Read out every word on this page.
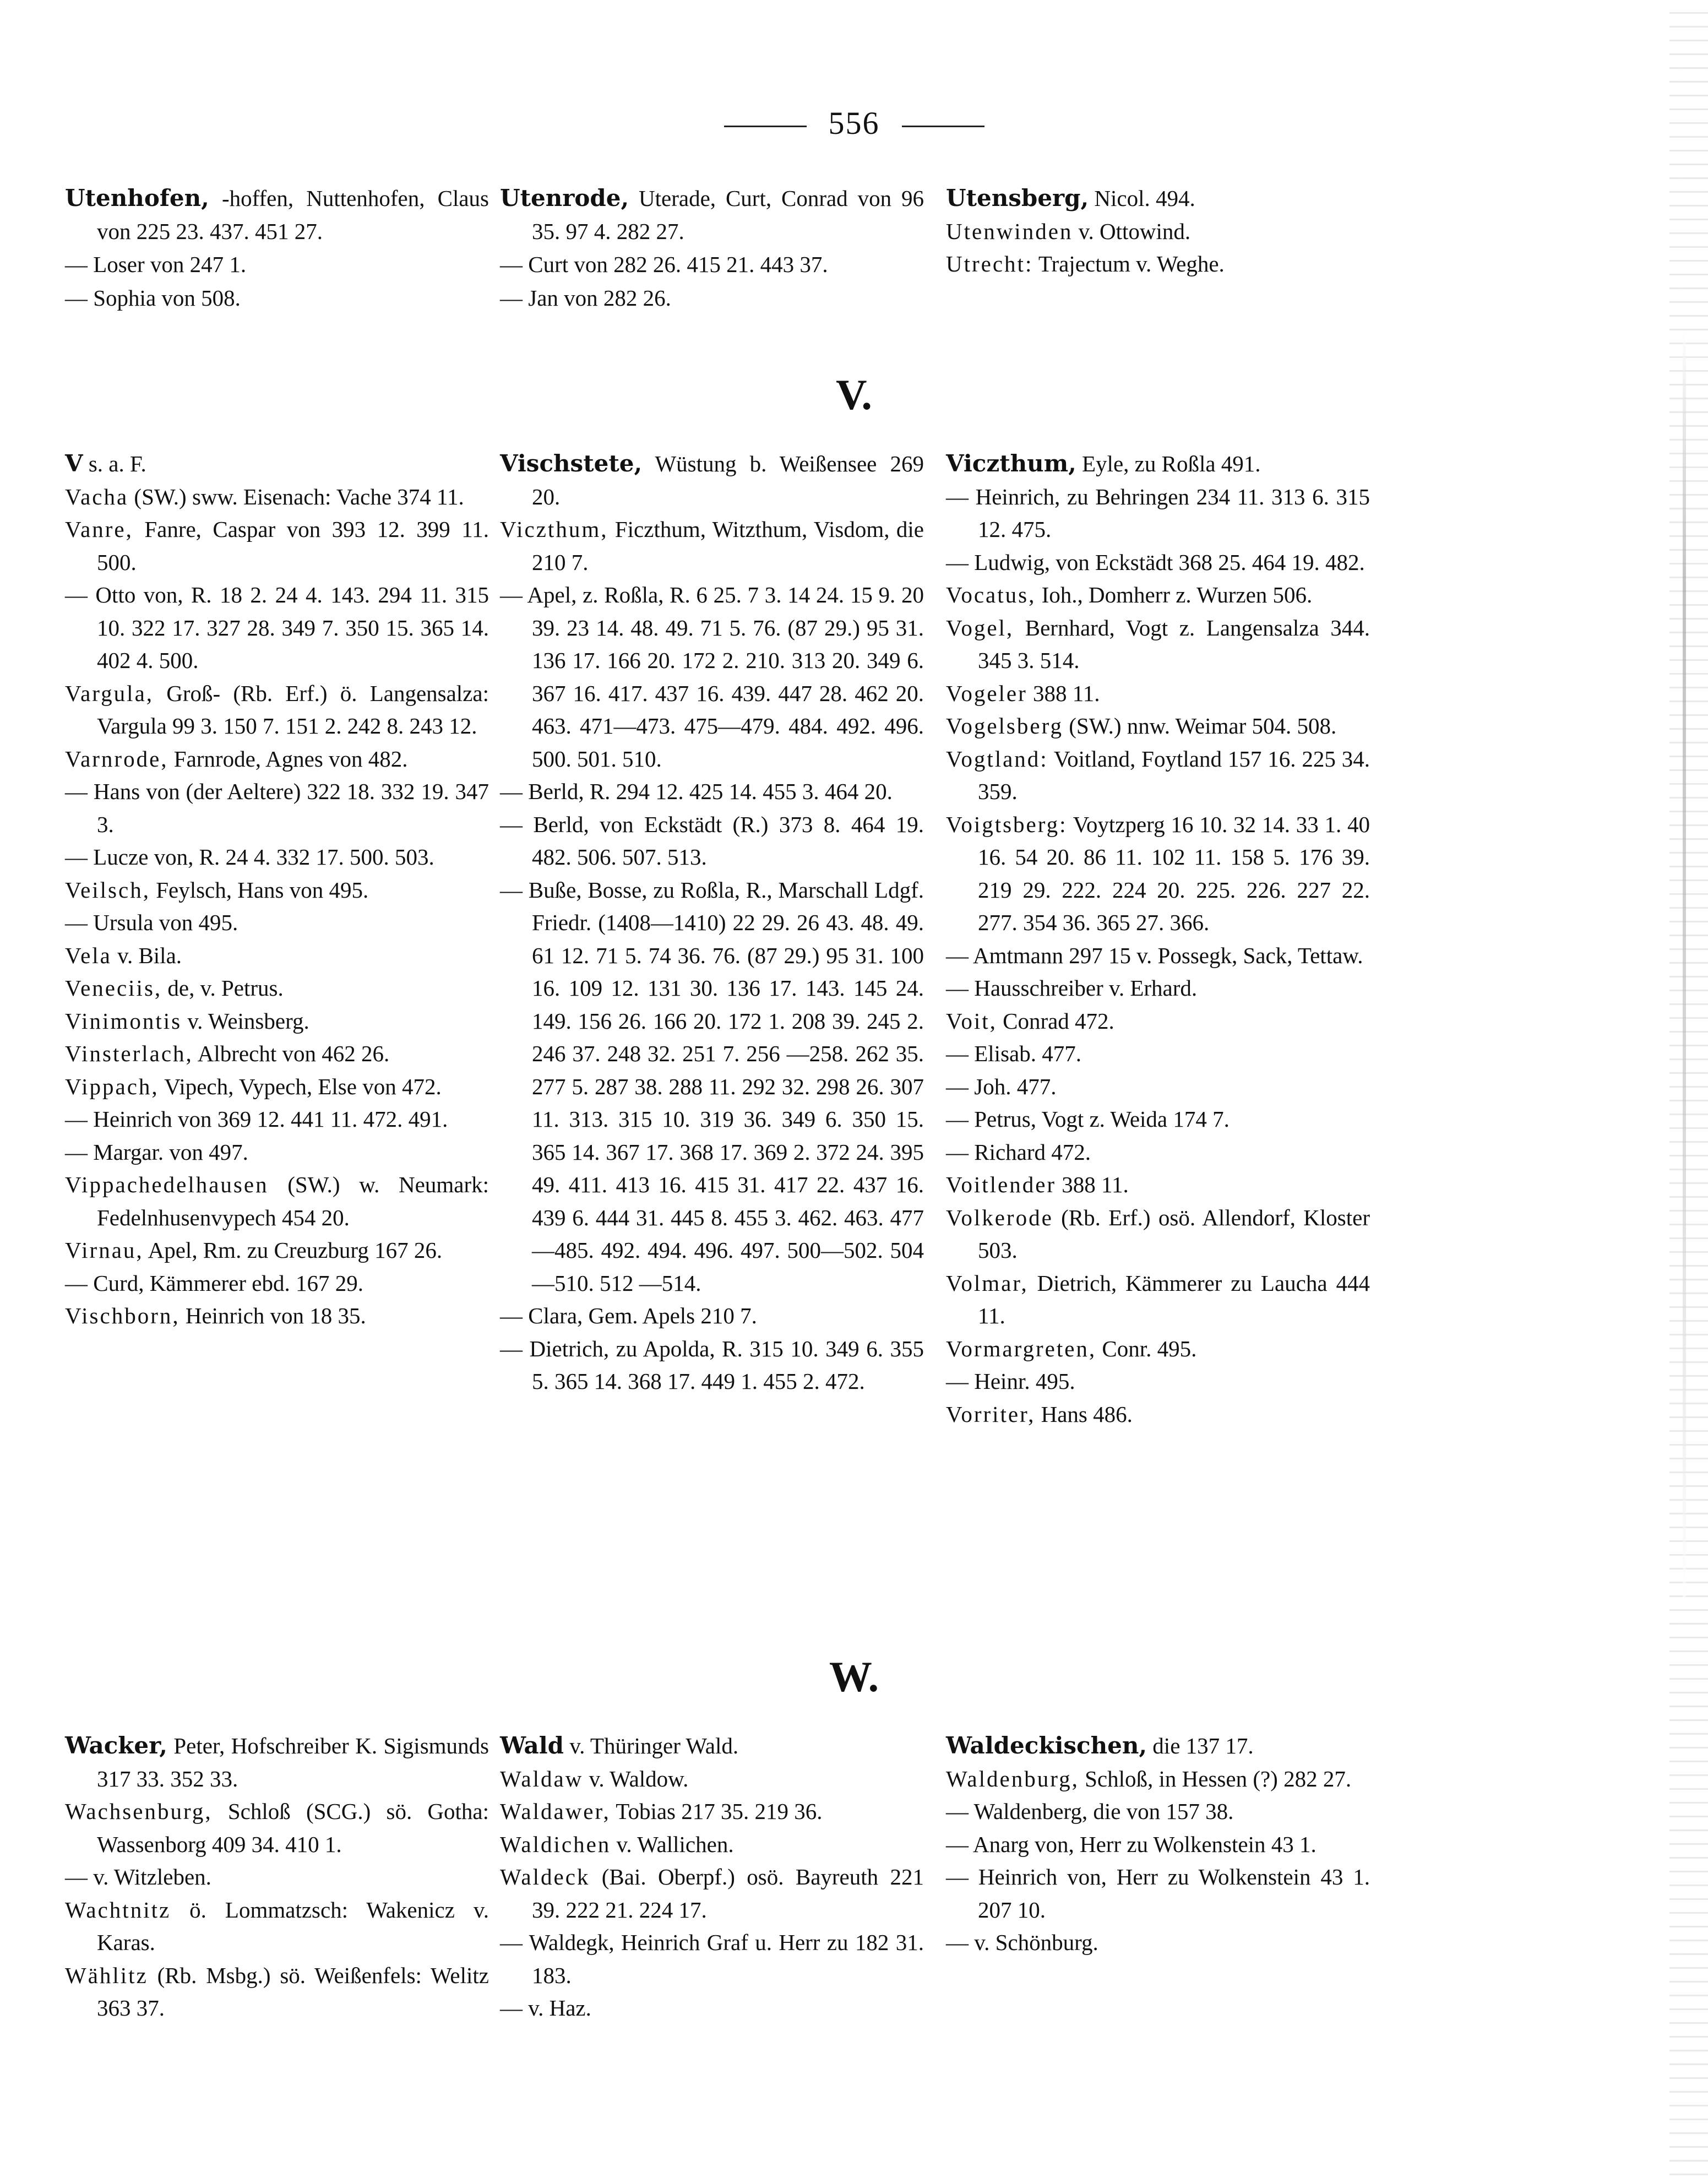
556

Utenhofen, -hoffen, Nuttenhofen, Claus von 225 23. 437. 451 27.

— Loser von 247 1.

— Sophia von 508.

Utenrode, Uterade, Curt, Conrad von 96 35. 97 4. 282 27.

— Curt von 282 26. 415 21. 443 37.

— Jan von 282 26.

Utensberg, Nicol. 494.

Utenwinden v. Ottowind.

Utrecht: Trajectum v. Weghe.

V.

V s. a. F.

Vacha (SW.) sww. Eisenach: Vache 374 11.

Vanre, Fanre, Caspar von 393 12. 399 11. 500.

— Otto von, R. 18 2. 24 4. 143. 294 11. 315 10. 322 17. 327 28. 349 7. 350 15. 365 14. 402 4. 500.

Vargula, Groß- (Rb. Erf.) ö. Langensalza: Vargula 99 3. 150 7. 151 2. 242 8. 243 12.

Varnrode, Farnrode, Agnes von 482.

— Hans von (der Aeltere) 322 18. 332 19. 347 3.

— Lucze von, R. 24 4. 332 17. 500. 503.

Veilsch, Feylsch, Hans von 495.

— Ursula von 495.

Vela v. Bila.

Veneciis, de, v. Petrus.

Vinimontis v. Weinsberg.

Vinsterlach, Albrecht von 462 26.

Vippach, Vipech, Vypech, Else von 472.

— Heinrich von 369 12. 441 11. 472. 491.

— Margar. von 497.

Vippachedelhausen (SW.) w. Neumark: Fedelnhusenvypech 454 20.

Virnau, Apel, Rm. zu Creuzburg 167 26.

— Curd, Kämmerer ebd. 167 29.

Vischborn, Heinrich von 18 35.

Vischstete, Wüstung b. Weißensee 269 20.

Viczthum, Ficzthum, Witzthum, Visdom, die 210 7.

— Apel, z. Roßla, R. 6 25. 7 3. 14 24. 15 9. 20 39. 23 14. 48. 49. 71 5. 76. (87 29.) 95 31. 136 17. 166 20. 172 2. 210. 313 20. 349 6. 367 16. 417. 437 16. 439. 447 28. 462 20. 463. 471—473. 475—479. 484. 492. 496. 500. 501. 510.

— Berld, R. 294 12. 425 14. 455 3. 464 20.

— Berld, von Eckstädt (R.) 373 8. 464 19. 482. 506. 507. 513.

— Buße, Bosse, zu Roßla, R., Marschall Ldgf. Friedr. (1408—1410) 22 29. 26 43. 48. 49. 61 12. 71 5. 74 36. 76. (87 29.) 95 31. 100 16. 109 12. 131 30. 136 17. 143. 145 24. 149. 156 26. 166 20. 172 1. 208 39. 245 2. 246 37. 248 32. 251 7. 256 —258. 262 35. 277 5. 287 38. 288 11. 292 32. 298 26. 307 11. 313. 315 10. 319 36. 349 6. 350 15. 365 14. 367 17. 368 17. 369 2. 372 24. 395 49. 411. 413 16. 415 31. 417 22. 437 16. 439 6. 444 31. 445 8. 455 3. 462. 463. 477—485. 492. 494. 496. 497. 500—502. 504—510. 512 —514.

— Clara, Gem. Apels 210 7.

— Dietrich, zu Apolda, R. 315 10. 349 6. 355 5. 365 14. 368 17. 449 1. 455 2. 472.

Viczthum, Eyle, zu Roßla 491.

— Heinrich, zu Behringen 234 11. 313 6. 315 12. 475.

— Ludwig, von Eckstädt 368 25. 464 19. 482.

Vocatus, Ioh., Domherr z. Wurzen 506.

Vogel, Bernhard, Vogt z. Langensalza 344. 345 3. 514.

Vogeler 388 11.

Vogelsberg (SW.) nnw. Weimar 504. 508.

Vogtland: Voitland, Foytland 157 16. 225 34. 359.

Voigtsberg: Voytzperg 16 10. 32 14. 33 1. 40 16. 54 20. 86 11. 102 11. 158 5. 176 39. 219 29. 222. 224 20. 225. 226. 227 22. 277. 354 36. 365 27. 366.

— Amtmann 297 15 v. Possegk, Sack, Tettaw.

— Hausschreiber v. Erhard.

Voit, Conrad 472.

— Elisab. 477.

— Joh. 477.

— Petrus, Vogt z. Weida 174 7.

— Richard 472.

Voitlender 388 11.

Volkerode (Rb. Erf.) osö. Allendorf, Kloster 503.

Volmar, Dietrich, Kämmerer zu Laucha 444 11.

Vormargreten, Conr. 495.

— Heinr. 495.

Vorriter, Hans 486.

W.

Wacker, Peter, Hofschreiber K. Sigismunds 317 33. 352 33.

Wachsenburg, Schloß (SCG.) sö. Gotha: Wassenborg 409 34. 410 1.

— v. Witzleben.

Wachtnitz ö. Lommatzsch: Wakenicz v. Karas.

Wählitz (Rb. Msbg.) sö. Weißenfels: Welitz 363 37.

Wald v. Thüringer Wald.

Waldaw v. Waldow.

Waldawer, Tobias 217 35. 219 36.

Waldichen v. Wallichen.

Waldeck (Bai. Oberpf.) osö. Bayreuth 221 39. 222 21. 224 17.

— Waldegk, Heinrich Graf u. Herr zu 182 31. 183.

— v. Haz.

Waldeckischen, die 137 17.

Waldenburg, Schloß, in Hessen (?) 282 27.

— Waldenberg, die von 157 38.

— Anarg von, Herr zu Wolkenstein 43 1.

— Heinrich von, Herr zu Wolkenstein 43 1. 207 10.

— v. Schönburg.
